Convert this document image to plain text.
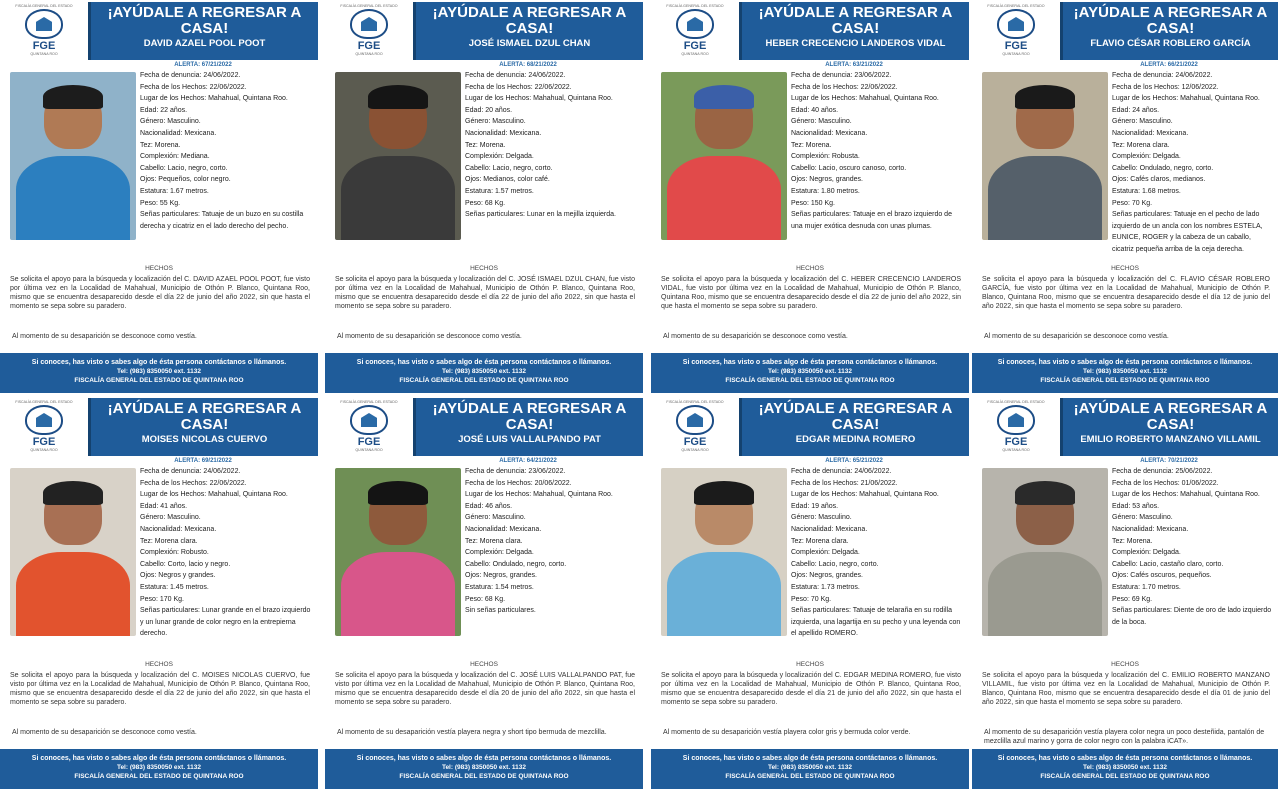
FISCALÍA GENERAL DEL ESTADO
FGE
QUINTANA ROO
¡AYÚDALE A REGRESAR A CASA!
DAVID AZAEL POOL POOT
ALERTA: 67/21/2022
Fecha de denuncia: 24/06/2022.
Fecha de los Hechos: 22/06/2022.
Lugar de los Hechos: Mahahual, Quintana Roo.
Edad: 22 años.
Género: Masculino.
Nacionalidad: Mexicana.
Tez: Morena.
Complexión: Mediana.
Cabello: Lacio, negro, corto.
Ojos: Pequeños, color negro.
Estatura: 1.67 metros.
Peso: 55 Kg.
Señas particulares: Tatuaje de un buzo en su costilla derecha y cicatriz en el lado derecho del pecho.
HECHOS
Se solicita el apoyo para la búsqueda y localización del C. DAVID AZAEL POOL POOT, fue visto por última vez en la Localidad de Mahahual, Municipio de Othón P. Blanco, Quintana Roo, mismo que se encuentra desaparecido desde el día 22 de junio del año 2022, sin que hasta el momento se sepa sobre su paradero.
Al momento de su desaparición se desconoce como vestía.
Si conoces, has visto o sabes algo de ésta persona contáctanos o llámanos.
Tel: (983) 8350050 ext. 1132
FISCALÍA GENERAL DEL ESTADO DE QUINTANA ROO
FISCALÍA GENERAL DEL ESTADO
FGE
QUINTANA ROO
¡AYÚDALE A REGRESAR A CASA!
JOSÉ ISMAEL DZUL CHAN
ALERTA: 68/21/2022
Fecha de denuncia: 24/06/2022.
Fecha de los Hechos: 22/06/2022.
Lugar de los Hechos: Mahahual, Quintana Roo.
Edad: 20 años.
Género: Masculino.
Nacionalidad: Mexicana.
Tez: Morena.
Complexión: Delgada.
Cabello: Lacio, negro, corto.
Ojos: Medianos, color café.
Estatura: 1.57 metros.
Peso: 68 Kg.
Señas particulares: Lunar en la mejilla izquierda.
HECHOS
Se solicita el apoyo para la búsqueda y localización del C. JOSÉ ISMAEL DZUL CHAN, fue visto por última vez en la Localidad de Mahahual, Municipio de Othón P. Blanco, Quintana Roo, mismo que se encuentra desaparecido desde el día 22 de junio del año 2022, sin que hasta el momento se sepa sobre su paradero.
Al momento de su desaparición se desconoce como vestía.
Si conoces, has visto o sabes algo de ésta persona contáctanos o llámanos.
Tel: (983) 8350050 ext. 1132
FISCALÍA GENERAL DEL ESTADO DE QUINTANA ROO
FISCALÍA GENERAL DEL ESTADO
FGE
QUINTANA ROO
¡AYÚDALE A REGRESAR A CASA!
HEBER CRECENCIO LANDEROS VIDAL
ALERTA: 63/21/2022
Fecha de denuncia: 23/06/2022.
Fecha de los Hechos: 22/06/2022.
Lugar de los Hechos: Mahahual, Quintana Roo.
Edad: 40 años.
Género: Masculino.
Nacionalidad: Mexicana.
Tez: Morena.
Complexión: Robusta.
Cabello: Lacio, oscuro canoso, corto.
Ojos: Negros, grandes.
Estatura: 1.80 metros.
Peso: 150 Kg.
Señas particulares: Tatuaje en el brazo izquierdo de una mujer exótica desnuda con unas plumas.
HECHOS
Se solicita el apoyo para la búsqueda y localización del C. HEBER CRECENCIO LANDEROS VIDAL, fue visto por última vez en la Localidad de Mahahual, Municipio de Othón P. Blanco, Quintana Roo, mismo que se encuentra desaparecido desde el día 22 de junio del año 2022, sin que hasta el momento se sepa sobre su paradero.
Al momento de su desaparición se desconoce como vestía.
Si conoces, has visto o sabes algo de ésta persona contáctanos o llámanos.
Tel: (983) 8350050 ext. 1132
FISCALÍA GENERAL DEL ESTADO DE QUINTANA ROO
FISCALÍA GENERAL DEL ESTADO
FGE
QUINTANA ROO
¡AYÚDALE A REGRESAR A CASA!
FLAVIO CÉSAR ROBLERO GARCÍA
ALERTA: 66/21/2022
Fecha de denuncia: 24/06/2022.
Fecha de los Hechos: 12/06/2022.
Lugar de los Hechos: Mahahual, Quintana Roo.
Edad: 24 años.
Género: Masculino.
Nacionalidad: Mexicana.
Tez: Morena clara.
Complexión: Delgada.
Cabello: Ondulado, negro, corto.
Ojos: Cafés claros, medianos.
Estatura: 1.68 metros.
Peso: 70 Kg.
Señas particulares: Tatuaje en el pecho de lado izquierdo de un ancla con los nombres ESTELA, EUNICE, ROGER y la cabeza de un caballo, cicatriz pequeña arriba de la ceja derecha.
HECHOS
Se solicita el apoyo para la búsqueda y localización del C. FLAVIO CÉSAR ROBLERO GARCÍA, fue visto por última vez en la Localidad de Mahahual, Municipio de Othón P. Blanco, Quintana Roo, mismo que se encuentra desaparecido desde el día 12 de junio del año 2022, sin que hasta el momento se sepa sobre su paradero.
Al momento de su desaparición se desconoce como vestía.
Si conoces, has visto o sabes algo de ésta persona contáctanos o llámanos.
Tel: (983) 8350050 ext. 1132
FISCALÍA GENERAL DEL ESTADO DE QUINTANA ROO
FISCALÍA GENERAL DEL ESTADO
FGE
QUINTANA ROO
¡AYÚDALE A REGRESAR A CASA!
MOISES NICOLAS CUERVO
ALERTA: 69/21/2022
Fecha de denuncia: 24/06/2022.
Fecha de los Hechos: 22/06/2022.
Lugar de los Hechos: Mahahual, Quintana Roo.
Edad: 41 años.
Género: Masculino.
Nacionalidad: Mexicana.
Tez: Morena clara.
Complexión: Robusto.
Cabello: Corto, lacio y negro.
Ojos: Negros y grandes.
Estatura: 1.45 metros.
Peso: 170 Kg.
Señas particulares: Lunar grande en el brazo izquierdo y un lunar grande de color negro en la entrepierna derecho.
HECHOS
Se solicita el apoyo para la búsqueda y localización del C. MOISES NICOLAS CUERVO, fue visto por última vez en la Localidad de Mahahual, Municipio de Othón P. Blanco, Quintana Roo, mismo que se encuentra desaparecido desde el día 22 de junio del año 2022, sin que hasta el momento se sepa sobre su paradero.
Al momento de su desaparición se desconoce como vestía.
Si conoces, has visto o sabes algo de ésta persona contáctanos o llámanos.
Tel: (983) 8350050 ext. 1132
FISCALÍA GENERAL DEL ESTADO DE QUINTANA ROO
FISCALÍA GENERAL DEL ESTADO
FGE
QUINTANA ROO
¡AYÚDALE A REGRESAR A CASA!
JOSÉ LUIS VALLALPANDO PAT
ALERTA: 64/21/2022
Fecha de denuncia: 23/06/2022.
Fecha de los Hechos: 20/06/2022.
Lugar de los Hechos: Mahahual, Quintana Roo.
Edad: 46 años.
Género: Masculino.
Nacionalidad: Mexicana.
Tez: Morena clara.
Complexión: Delgada.
Cabello: Ondulado, negro, corto.
Ojos: Negros, grandes.
Estatura: 1.54 metros.
Peso: 68 Kg.
Sin señas particulares.
HECHOS
Se solicita el apoyo para la búsqueda y localización del C. JOSÉ LUIS VALLALPANDO PAT, fue visto por última vez en la Localidad de Mahahual, Municipio de Othón P. Blanco, Quintana Roo, mismo que se encuentra desaparecido desde el día 20 de junio del año 2022, sin que hasta el momento se sepa sobre su paradero.
Al momento de su desaparición vestía playera negra y short tipo bermuda de mezclilla.
Si conoces, has visto o sabes algo de ésta persona contáctanos o llámanos.
Tel: (983) 8350050 ext. 1132
FISCALÍA GENERAL DEL ESTADO DE QUINTANA ROO
FISCALÍA GENERAL DEL ESTADO
FGE
QUINTANA ROO
¡AYÚDALE A REGRESAR A CASA!
EDGAR MEDINA ROMERO
ALERTA: 65/21/2022
Fecha de denuncia: 24/06/2022.
Fecha de los Hechos: 21/06/2022.
Lugar de los Hechos: Mahahual, Quintana Roo.
Edad: 19 años.
Género: Masculino.
Nacionalidad: Mexicana.
Tez: Morena clara.
Complexión: Delgada.
Cabello: Lacio, negro, corto.
Ojos: Negros, grandes.
Estatura: 1.73 metros.
Peso: 70 Kg.
Señas particulares: Tatuaje de telaraña en su rodilla izquierda, una lagartija en su pecho y una leyenda con el apellido ROMERO.
HECHOS
Se solicita el apoyo para la búsqueda y localización del C. EDGAR MEDINA ROMERO, fue visto por última vez en la Localidad de Mahahual, Municipio de Othón P. Blanco, Quintana Roo, mismo que se encuentra desaparecido desde el día 21 de junio del año 2022, sin que hasta el momento se sepa sobre su paradero.
Al momento de su desaparición vestía playera color gris y bermuda color verde.
Si conoces, has visto o sabes algo de ésta persona contáctanos o llámanos.
Tel: (983) 8350050 ext. 1132
FISCALÍA GENERAL DEL ESTADO DE QUINTANA ROO
FISCALÍA GENERAL DEL ESTADO
FGE
QUINTANA ROO
¡AYÚDALE A REGRESAR A CASA!
EMILIO ROBERTO MANZANO VILLAMIL
ALERTA: 70/21/2022
Fecha de denuncia: 25/06/2022.
Fecha de los Hechos: 01/06/2022.
Lugar de los Hechos: Mahahual, Quintana Roo.
Edad: 53 años.
Género: Masculino.
Nacionalidad: Mexicana.
Tez: Morena.
Complexión: Delgada.
Cabello: Lacio, castaño claro, corto.
Ojos: Cafés oscuros, pequeños.
Estatura: 1.70 metros.
Peso: 69 Kg.
Señas particulares: Diente de oro de lado izquierdo de la boca.
HECHOS
Se solicita el apoyo para la búsqueda y localización del C. EMILIO ROBERTO MANZANO VILLAMIL, fue visto por última vez en la Localidad de Mahahual, Municipio de Othón P. Blanco, Quintana Roo, mismo que se encuentra desaparecido desde el día 01 de junio del año 2022, sin que hasta el momento se sepa sobre su paradero.
Al momento de su desaparición vestía playera color negra un poco desteñida, pantalón de mezclilla azul marino y gorra de color negro con la palabra iCAT».
Si conoces, has visto o sabes algo de ésta persona contáctanos o llámanos.
Tel: (983) 8350050 ext. 1132
FISCALÍA GENERAL DEL ESTADO DE QUINTANA ROO
